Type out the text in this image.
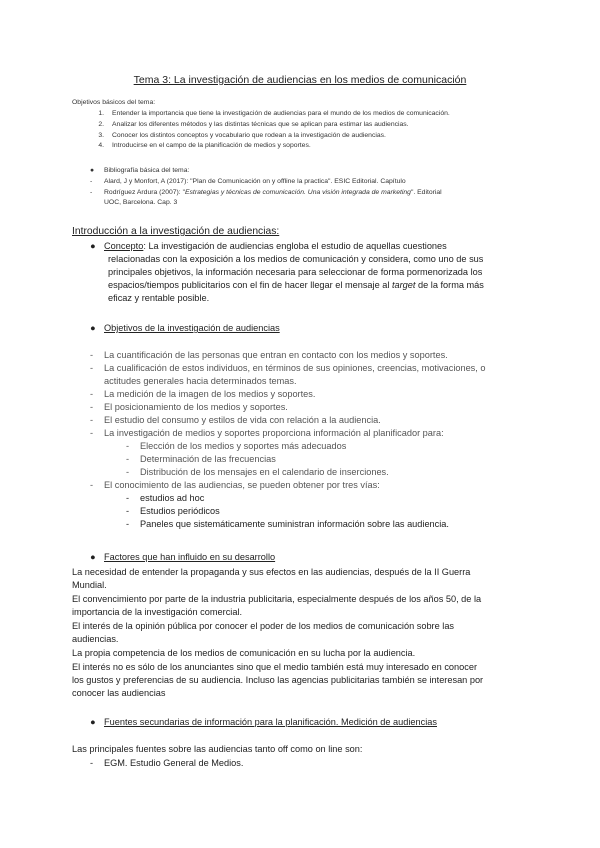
Tema 3: La investigación de audiencias en los medios de comunicación
Objetivos básicos del tema:
1. Entender la importancia que tiene la investigación de audiencias para el mundo de los medios de comunicación.
2. Analizar los diferentes métodos y las distintas técnicas que se aplican para estimar las audiencias.
3. Conocer los distintos conceptos y vocabulario que rodean a la investigación de audiencias.
4. Introducirse en el campo de la planificación de medios y soportes.
● Bibliografía básica del tema:
- Alard, J y Monfort, A (2017): "Plan de Comunicación on y offline la practica". ESIC Editorial. Capítulo
- Rodríguez Ardura (2007): "Estrategias y técnicas de comunicación. Una visión integrada de marketing". Editorial
UOC, Barcelona. Cap. 3
Introducción a la investigación de audiencias:
● Concepto: La investigación de audiencias engloba el estudio de aquellas cuestiones
relacionadas con la exposición a los medios de comunicación y considera, como uno de sus
principales objetivos, la información necesaria para seleccionar de forma pormenorizada los
espacios/tiempos publicitarios con el fin de hacer llegar el mensaje al target de la forma más
eficaz y rentable posible.
● Objetivos de la investigación de audiencias
- La cuantificación de las personas que entran en contacto con los medios y soportes.
- La cualificación de estos individuos, en términos de sus opiniones, creencias, motivaciones, o
actitudes generales hacia determinados temas.
- La medición de la imagen de los medios y soportes.
- El posicionamiento de los medios y soportes.
- El estudio del consumo y estilos de vida con relación a la audiencia.
- La investigación de medios y soportes proporciona información al planificador para:
- Elección de los medios y soportes más adecuados
- Determinación de las frecuencias
- Distribución de los mensajes en el calendario de inserciones.
- El conocimiento de las audiencias, se pueden obtener por tres vías:
- estudios ad hoc
- Estudios periódicos
- Paneles que sistemáticamente suministran información sobre las audiencia.
● Factores que han influido en su desarrollo
La necesidad de entender la propaganda y sus efectos en las audiencias, después de la II Guerra
Mundial.
El convencimiento por parte de la industria publicitaria, especialmente después de los años 50, de la
importancia de la investigación comercial.
El interés de la opinión pública por conocer el poder de los medios de comunicación sobre las
audiencias.
La propia competencia de los medios de comunicación en su lucha por la audiencia.
El interés no es sólo de los anunciantes sino que el medio también está muy interesado en conocer
los gustos y preferencias de su audiencia. Incluso las agencias publicitarias también se interesan por
conocer las audiencias
● Fuentes secundarias de información para la planificación. Medición de audiencias
Las principales fuentes sobre las audiencias tanto off como on line son:
- EGM. Estudio General de Medios.
